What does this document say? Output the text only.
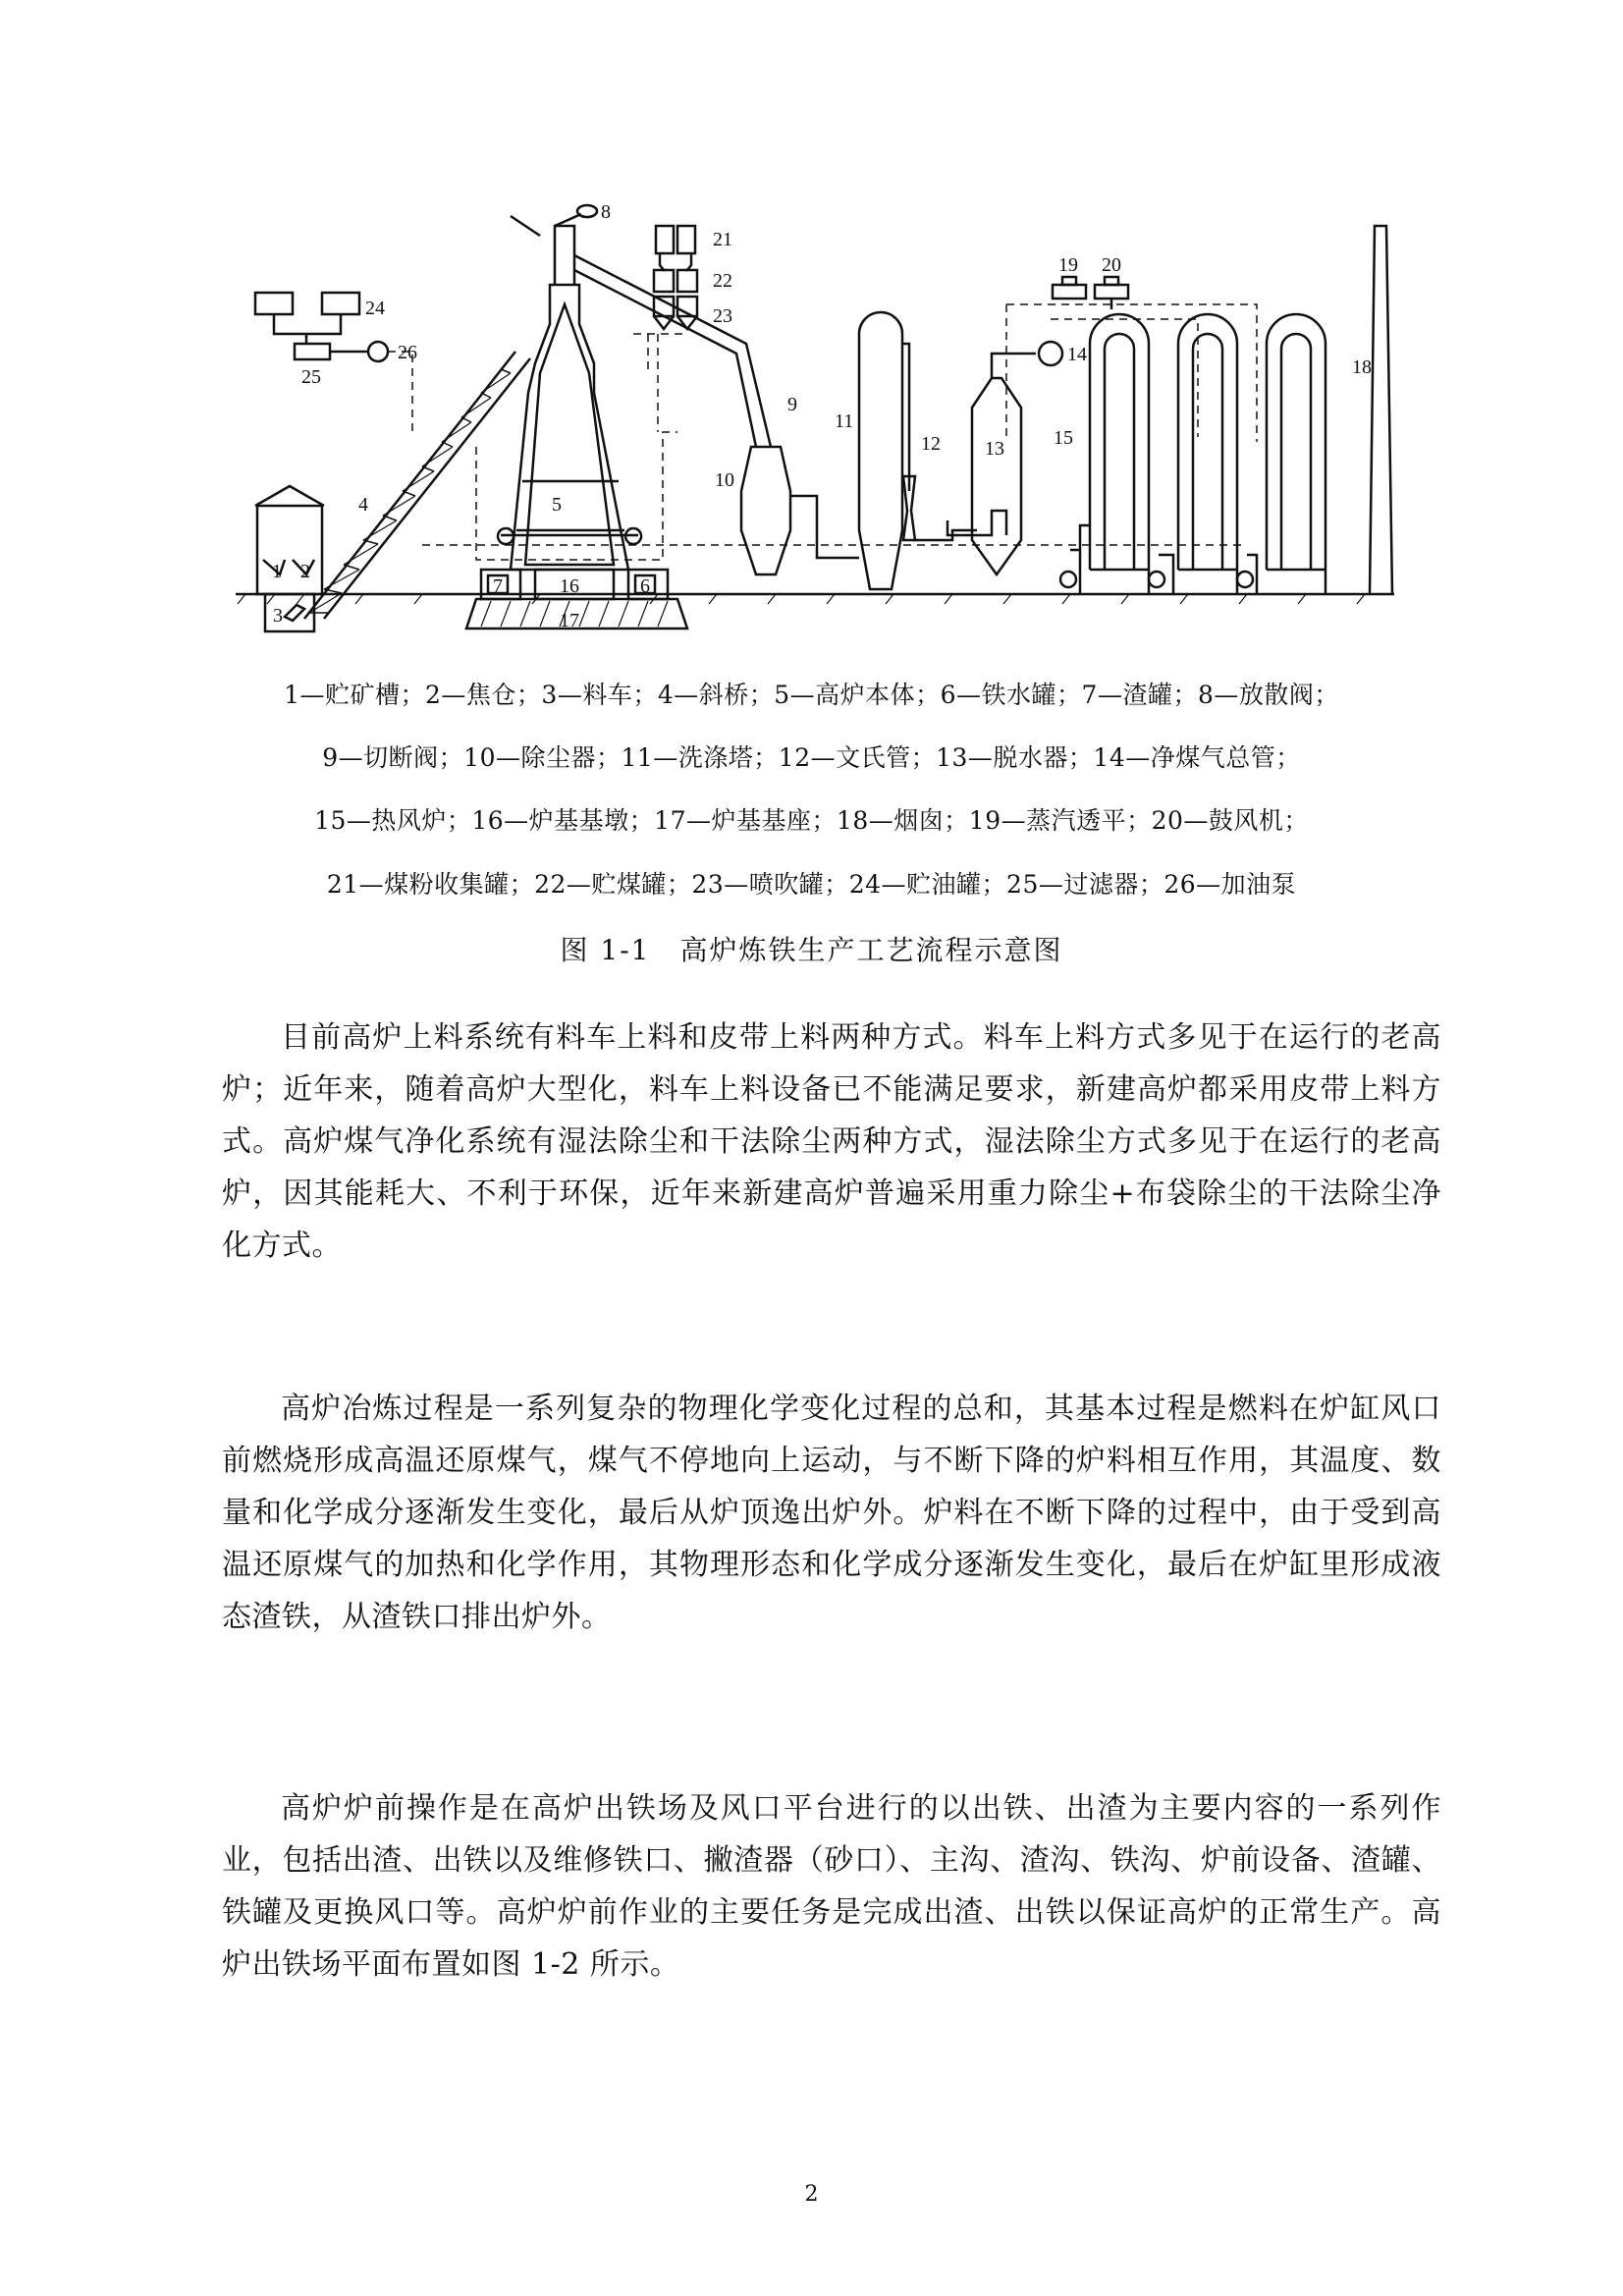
1 2
3
4	5
6
7
8
9
10
11
12 13
14
15
16
17
18
19 20
21
22
23
24
25
26
1—贮矿槽；2—焦仓；3—料车；4—斜桥；5—高炉本体；6—铁水罐；7—渣罐；8—放散阀；
9—切断阀；10—除尘器；11—洗涤塔；12—文氏管；13—脱水器；14—净煤气总管；
15—热风炉；16—炉基基墩；17—炉基基座；18—烟囱；19—蒸汽透平；20—鼓风机；
21—煤粉收集罐；22—贮煤罐；23—喷吹罐；24—贮油罐；25—过滤器；26—加油泵
图 1-1　高炉炼铁生产工艺流程示意图

目前高炉上料系统有料车上料和皮带上料两种方式。料车上料方式多见于在运行的老高炉；近年来，随着高炉大型化，料车上料设备已不能满足要求，新建高炉都采用皮带上料方式。高炉煤气净化系统有湿法除尘和干法除尘两种方式，湿法除尘方式多见于在运行的老高炉，因其能耗大、不利于环保，近年来新建高炉普遍采用重力除尘+布袋除尘的干法除尘净化方式。

高炉冶炼过程是一系列复杂的物理化学变化过程的总和，其基本过程是燃料在炉缸风口前燃烧形成高温还原煤气，煤气不停地向上运动，与不断下降的炉料相互作用，其温度、数量和化学成分逐渐发生变化，最后从炉顶逸出炉外。炉料在不断下降的过程中，由于受到高温还原煤气的加热和化学作用，其物理形态和化学成分逐渐发生变化，最后在炉缸里形成液态渣铁，从渣铁口排出炉外。

高炉炉前操作是在高炉出铁场及风口平台进行的以出铁、出渣为主要内容的一系列作业，包括出渣、出铁以及维修铁口、撇渣器（砂口）、主沟、渣沟、铁沟、炉前设备、渣罐、铁罐及更换风口等。高炉炉前作业的主要任务是完成出渣、出铁以保证高炉的正常生产。高炉出铁场平面布置如图 1-2 所示。

2
